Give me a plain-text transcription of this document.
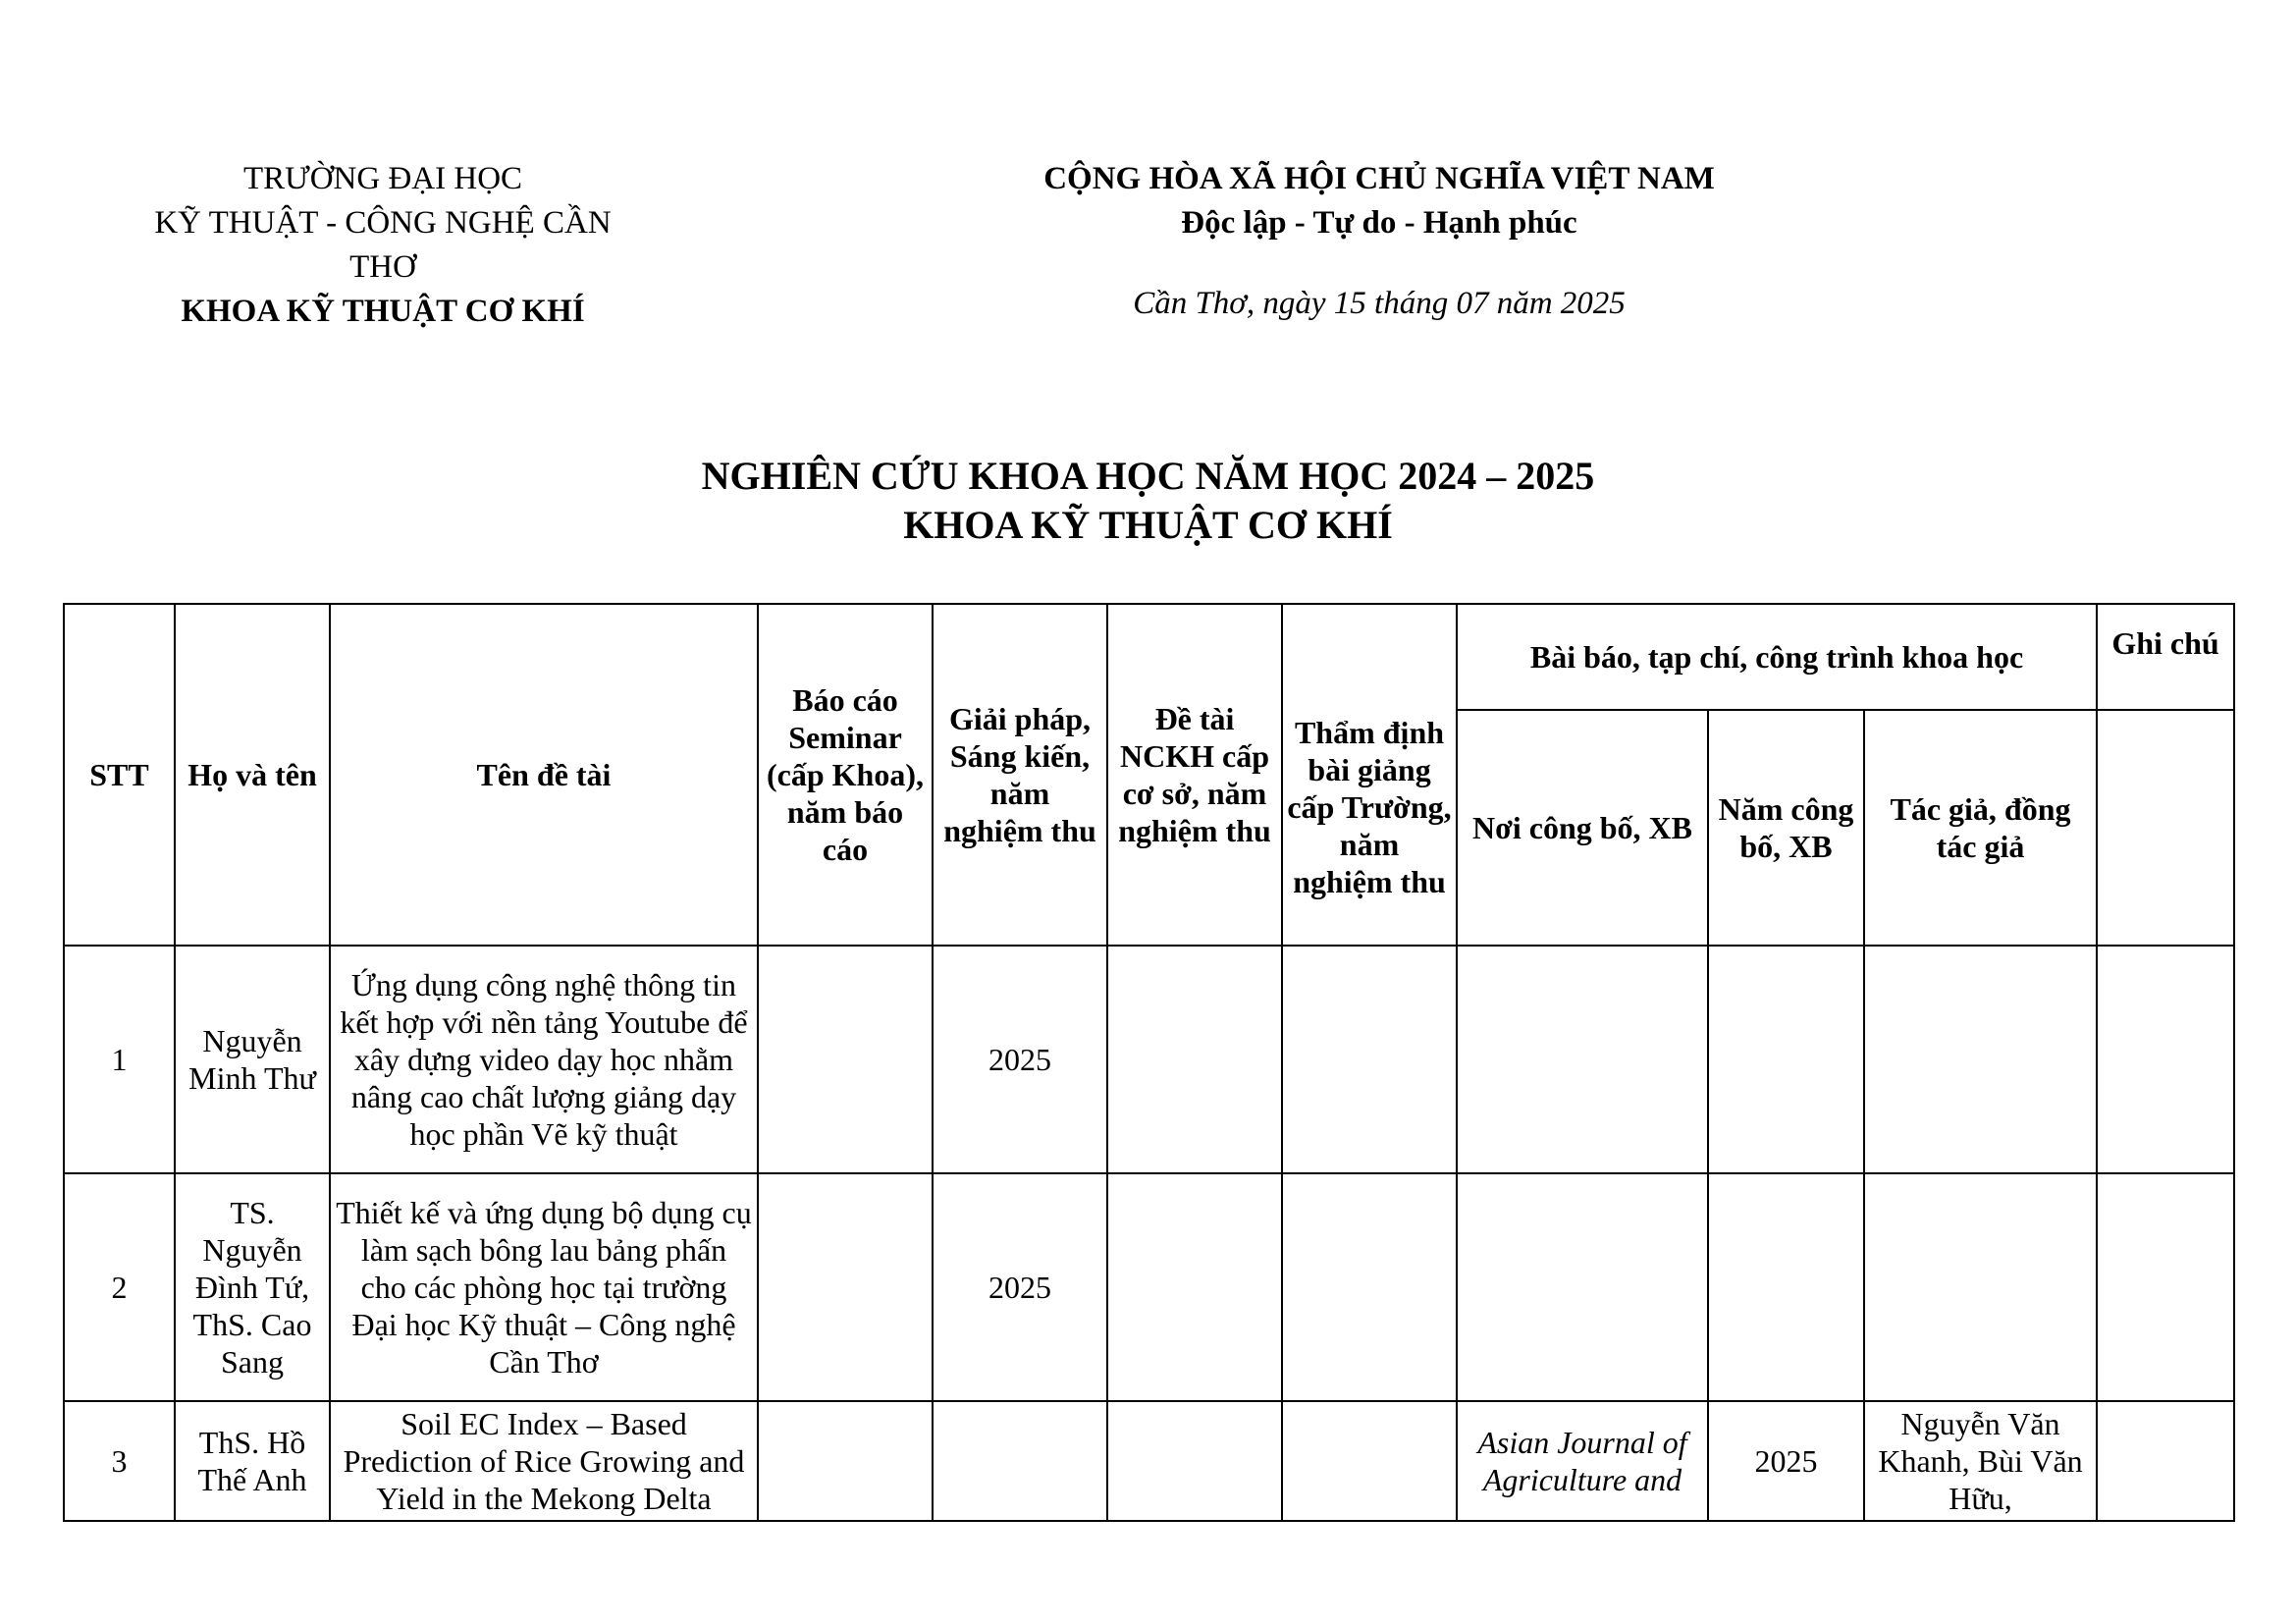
TRƯỜNG ĐẠI HỌC
KỸ THUẬT - CÔNG NGHỆ CẦN THƠ
KHOA KỸ THUẬT CƠ KHÍ
CỘNG HÒA XÃ HỘI CHỦ NGHĨA VIỆT NAM
Độc lập - Tự do - Hạnh phúc
Cần Thơ, ngày 15 tháng 07 năm 2025
NGHIÊN CỨU KHOA HỌC NĂM HỌC 2024 – 2025
KHOA KỸ THUẬT CƠ KHÍ
STT	Họ và tên	Tên đề tài	Báo cáo Seminar (cấp Khoa), năm báo cáo	Giải pháp, Sáng kiến, năm nghiệm thu	Đề tài NCKH cấp cơ sở, năm nghiệm thu	Thẩm định bài giảng cấp Trường, năm nghiệm thu	Bài báo, tạp chí, công trình khoa học			Ghi chú
							Nơi công bố, XB	Năm công bố, XB	Tác giả, đồng tác giả	
1	Nguyễn Minh Thư	Ứng dụng công nghệ thông tin kết hợp với nền tảng Youtube để xây dựng video dạy học nhằm nâng cao chất lượng giảng dạy học phần Vẽ kỹ thuật		2025						
2	TS. Nguyễn Đình Tứ, ThS. Cao Sang	Thiết kế và ứng dụng bộ dụng cụ làm sạch bông lau bảng phấn cho các phòng học tại trường Đại học Kỹ thuật – Công nghệ Cần Thơ		2025						
3	ThS. Hồ Thế Anh	Soil EC Index – Based Prediction of Rice Growing and Yield in the Mekong Delta					Asian Journal of Agriculture and	2025	Nguyễn Văn Khanh, Bùi Văn Hữu,	
